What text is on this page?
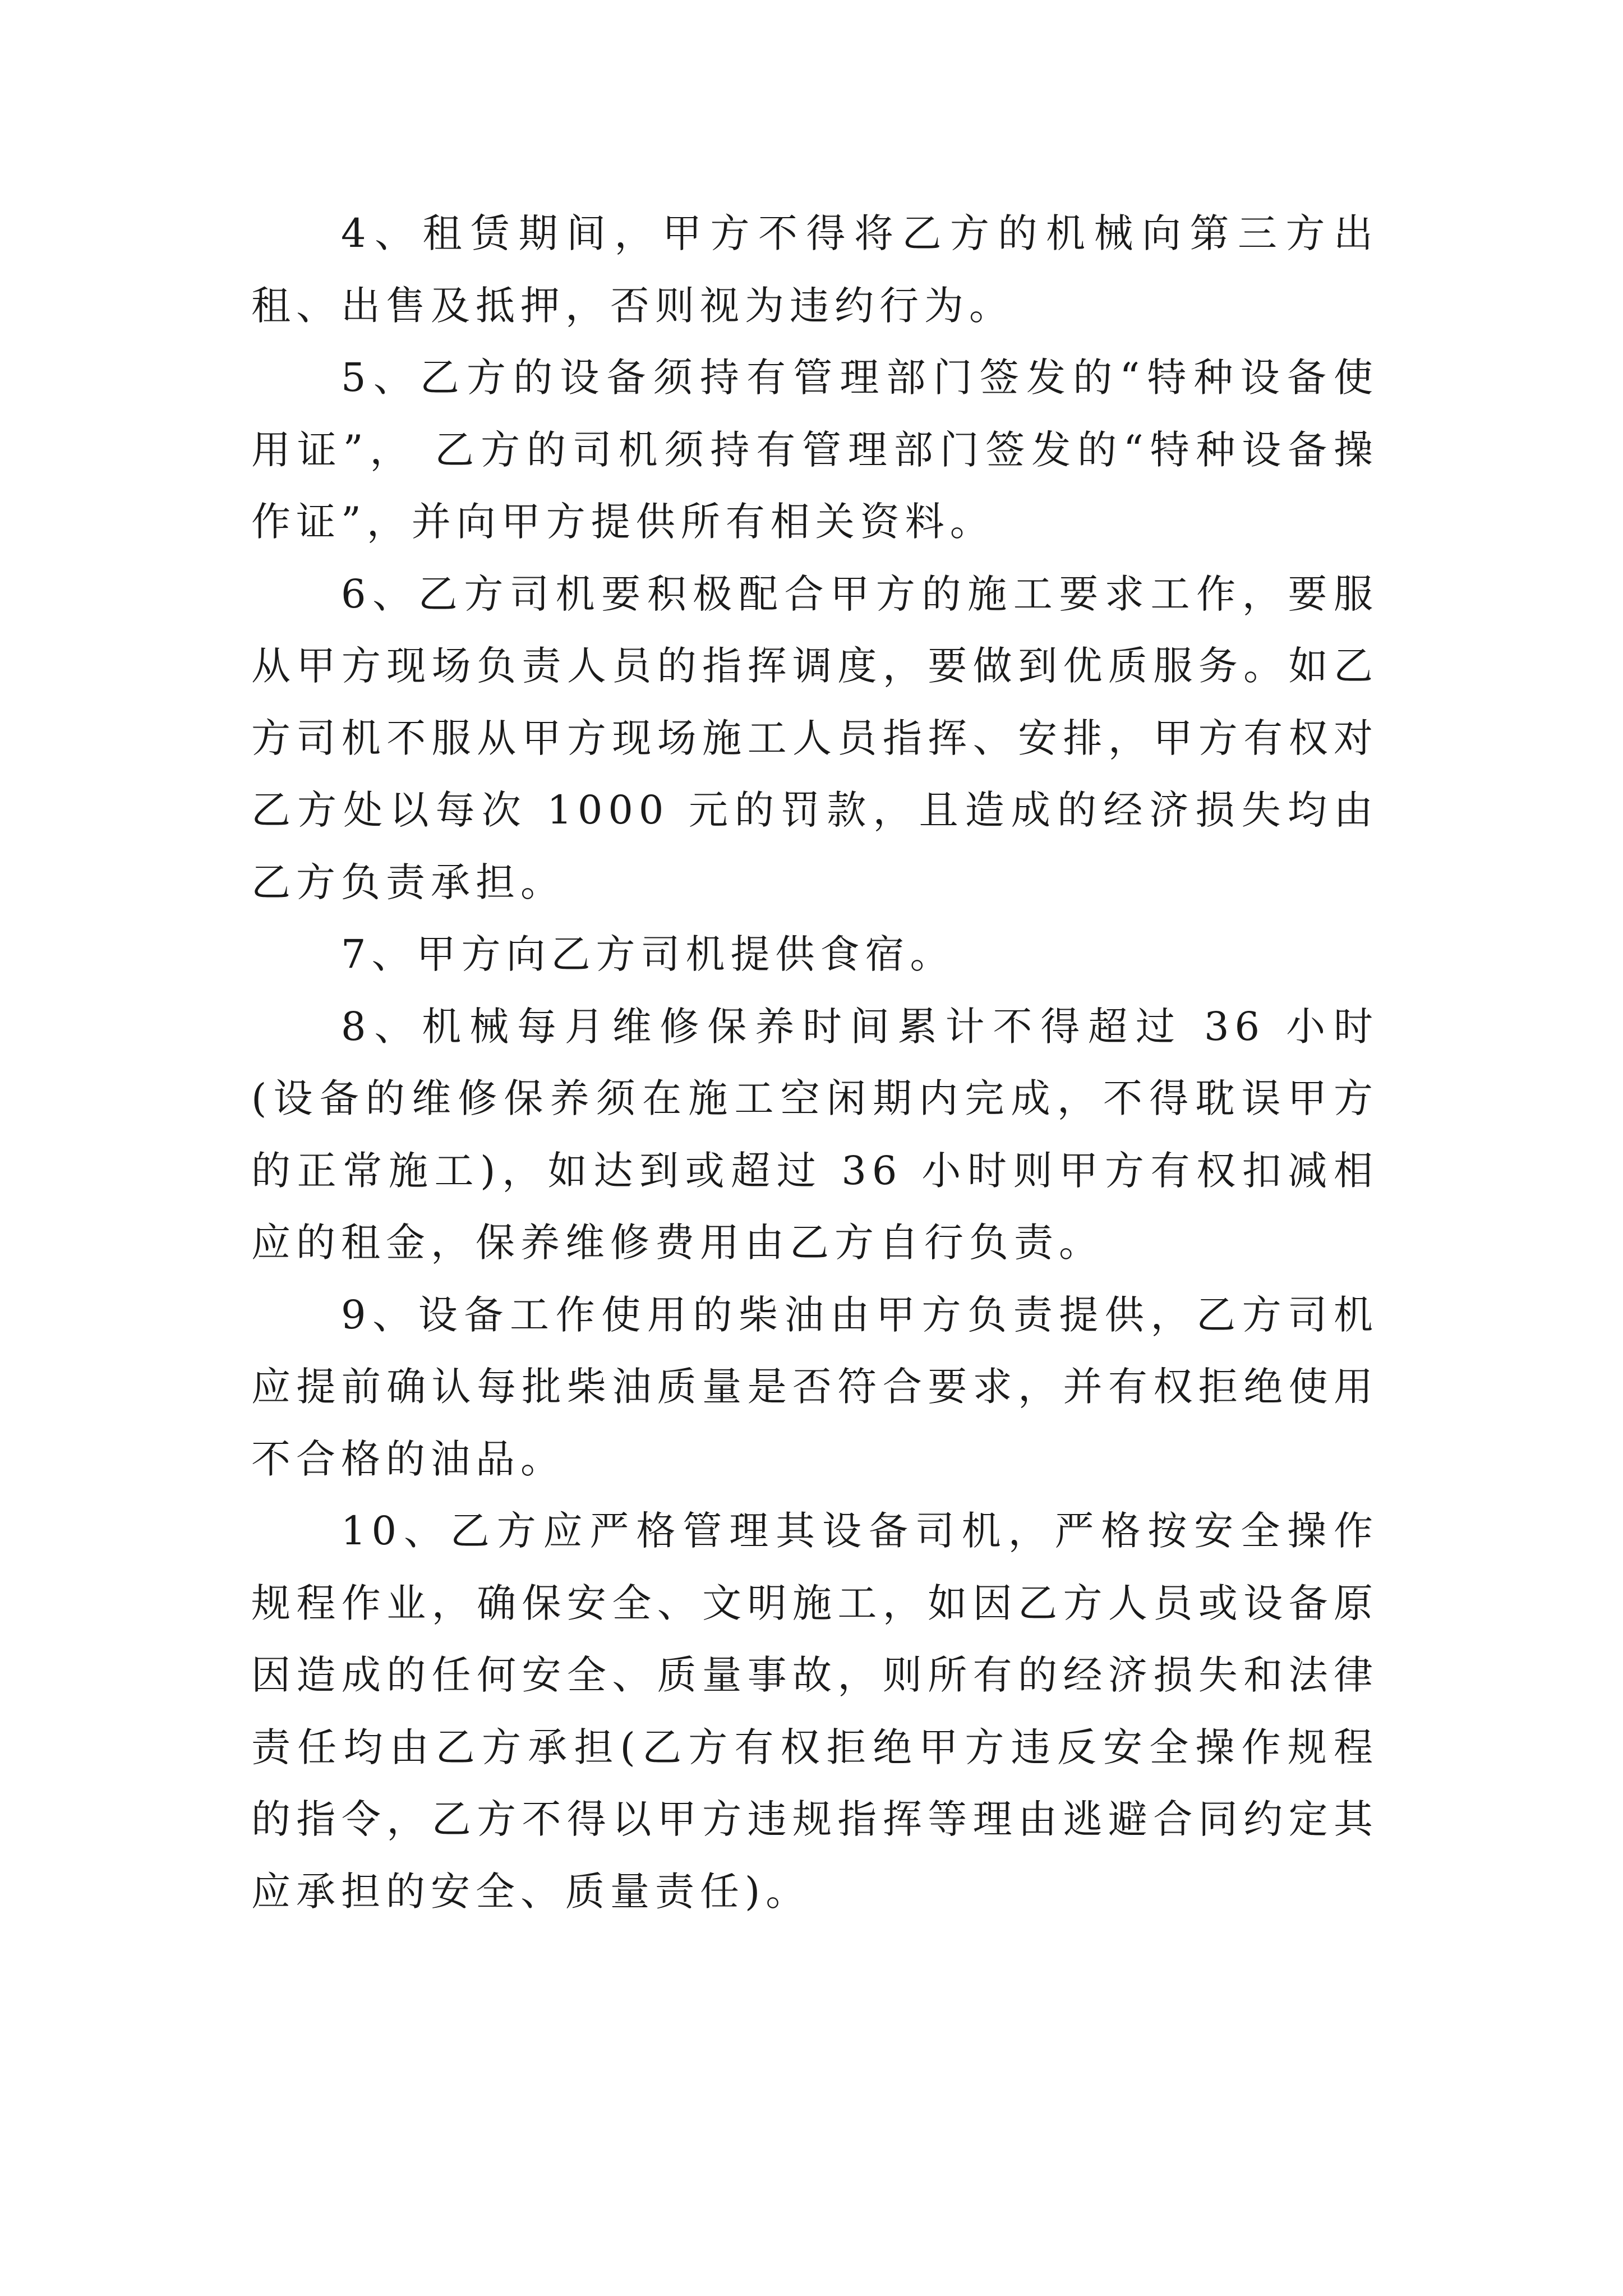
4、租赁期间，甲方不得将乙方的机械向第三方出租、出售及抵押，否则视为违约行为。

5、乙方的设备须持有管理部门签发的“特种设备使用证”， 乙方的司机须持有管理部门签发的“特种设备操作证”，并向甲方提供所有相关资料。

6、乙方司机要积极配合甲方的施工要求工作，要服从甲方现场负责人员的指挥调度，要做到优质服务。如乙方司机不服从甲方现场施工人员指挥、安排，甲方有权对乙方处以每次 1000 元的罚款，且造成的经济损失均由乙方负责承担。

7、甲方向乙方司机提供食宿。

8、机械每月维修保养时间累计不得超过 36 小时(设备的维修保养须在施工空闲期内完成，不得耽误甲方的正常施工)，如达到或超过 36 小时则甲方有权扣减相应的租金，保养维修费用由乙方自行负责。

9、设备工作使用的柴油由甲方负责提供，乙方司机应提前确认每批柴油质量是否符合要求，并有权拒绝使用不合格的油品。

10、乙方应严格管理其设备司机，严格按安全操作规程作业，确保安全、文明施工，如因乙方人员或设备原因造成的任何安全、质量事故，则所有的经济损失和法律责任均由乙方承担(乙方有权拒绝甲方违反安全操作规程的指令，乙方不得以甲方违规指挥等理由逃避合同约定其应承担的安全、质量责任)。
